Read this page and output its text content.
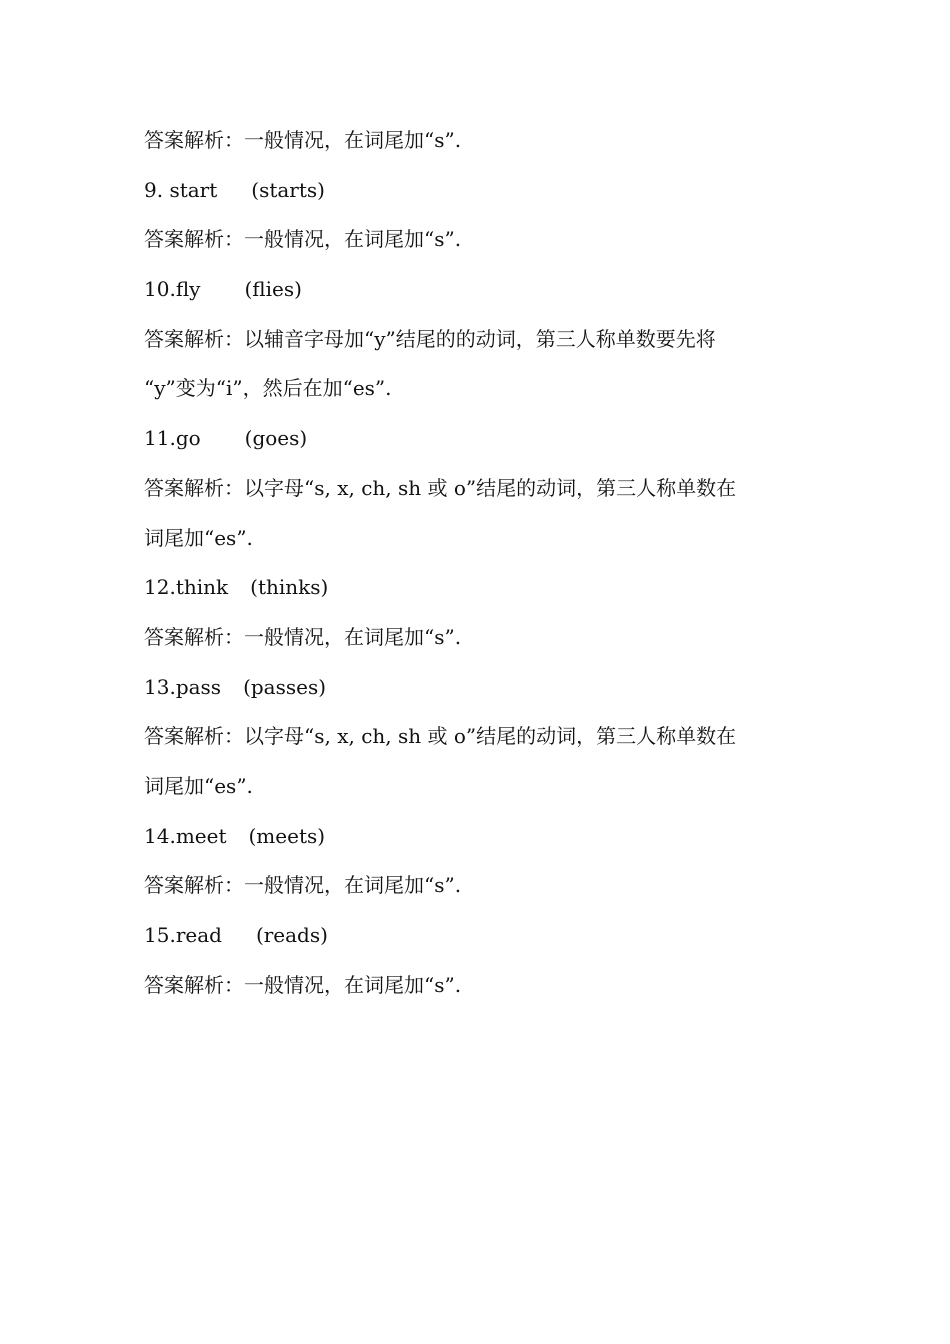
答案解析：一般情况，在词尾加“s”.
9. start (starts)
答案解析：一般情况，在词尾加“s”.
10.fly (flies)
答案解析：以辅音字母加“y”结尾的的动词，第三人称单数要先将
“y”变为“i”，然后在加“es”.
11.go (goes)
答案解析：以字母“s, x, ch, sh 或 o”结尾的动词，第三人称单数在
词尾加“es”.
12.think (thinks)
答案解析：一般情况，在词尾加“s”.
13.pass (passes)
答案解析：以字母“s, x, ch, sh 或 o”结尾的动词，第三人称单数在
词尾加“es”.
14.meet (meets)
答案解析：一般情况，在词尾加“s”.
15.read (reads)
答案解析：一般情况，在词尾加“s”.
